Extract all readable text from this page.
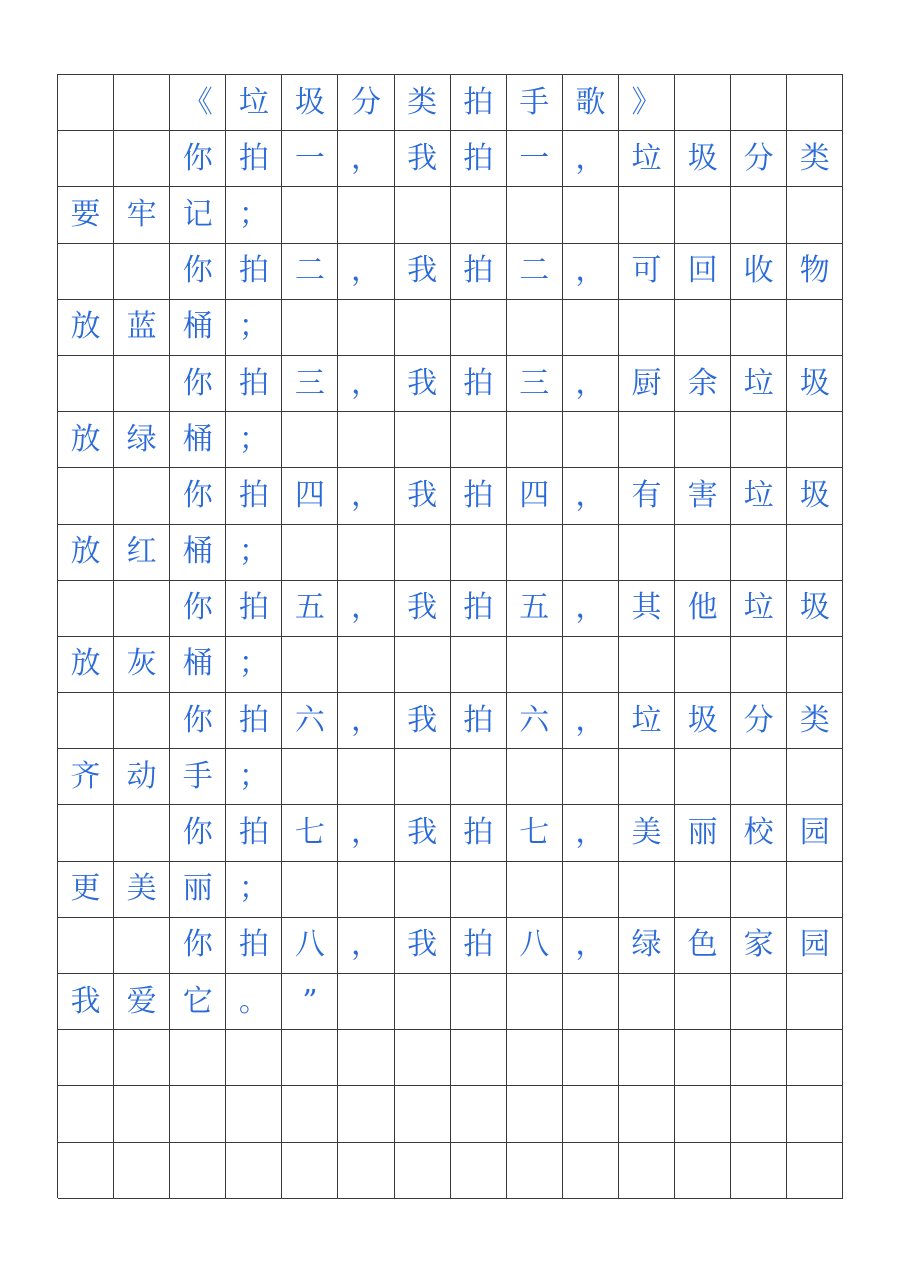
《 垃 圾 分 类 拍 手 歌 》
你 拍 一 ， 我 拍 一 ， 垃 圾 分 类
要 牢 记 ；
你 拍 二 ， 我 拍 二 ， 可 回 收 物
放 蓝 桶 ；
你 拍 三 ， 我 拍 三 ， 厨 余 垃 圾
放 绿 桶 ；
你 拍 四 ， 我 拍 四 ， 有 害 垃 圾
放 红 桶 ；
你 拍 五 ， 我 拍 五 ， 其 他 垃 圾
放 灰 桶 ；
你 拍 六 ， 我 拍 六 ， 垃 圾 分 类
齐 动 手 ；
你 拍 七 ， 我 拍 七 ， 美 丽 校 园
更 美 丽 ；
你 拍 八 ， 我 拍 八 ， 绿 色 家 园
我 爱 它 。	”
